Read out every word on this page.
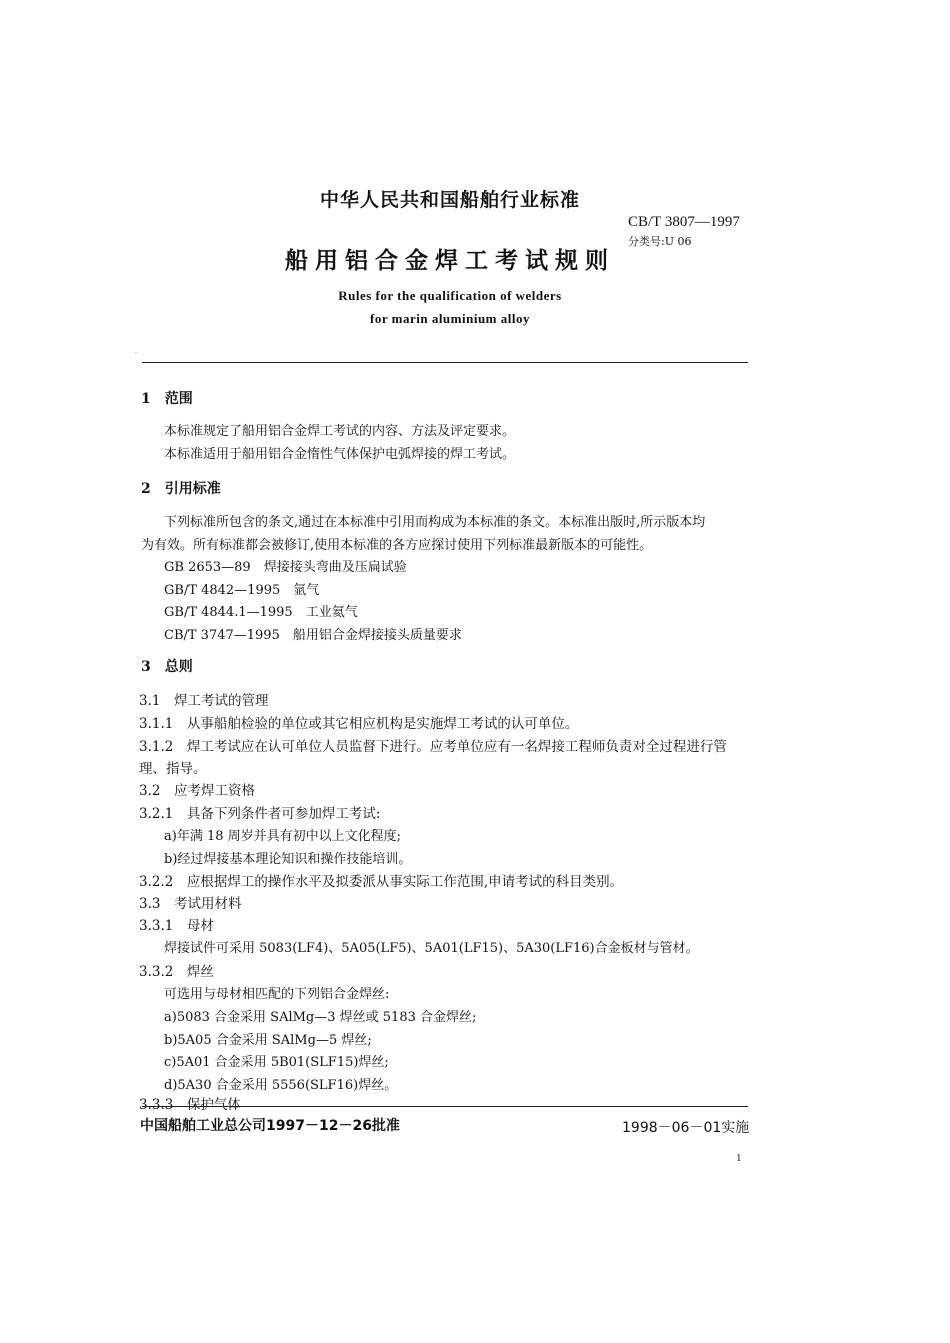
·
中华人民共和国船舶行业标准
CB/T 3807—1997
分类号:U 06
船用铝合金焊工考试规则
Rules for the qualification of welders
for marin aluminium alloy
1　范围
本标准规定了船用铝合金焊工考试的内容、方法及评定要求。
本标准适用于船用铝合金惰性气体保护电弧焊接的焊工考试。
2　引用标准
下列标准所包含的条文,通过在本标准中引用而构成为本标准的条文。本标准出版时,所示版本均
为有效。所有标准都会被修订,使用本标准的各方应探讨使用下列标准最新版本的可能性。
GB 2653—89　焊接接头弯曲及压扁试验
GB/T 4842—1995　氩气
GB/T 4844.1—1995　工业氦气
CB/T 3747—1995　船用铝合金焊接接头质量要求
3　总则
3.1　焊工考试的管理
3.1.1　从事船舶检验的单位或其它相应机构是实施焊工考试的认可单位。
3.1.2　焊工考试应在认可单位人员监督下进行。应考单位应有一名焊接工程师负责对全过程进行管
理、指导。
3.2　应考焊工资格
3.2.1　具备下列条件者可参加焊工考试:
a)年满 18 周岁并具有初中以上文化程度;
b)经过焊接基本理论知识和操作技能培训。
3.2.2　应根据焊工的操作水平及拟委派从事实际工作范围,申请考试的科目类别。
3.3　考试用材料
3.3.1　母材
焊接试件可采用 5083(LF4)、5A05(LF5)、5A01(LF15)、5A30(LF16)合金板材与管材。
3.3.2　焊丝
可选用与母材相匹配的下列铝合金焊丝:
a)5083 合金采用 SAlMg—3 焊丝或 5183 合金焊丝;
b)5A05 合金采用 SAlMg—5 焊丝;
c)5A01 合金采用 5B01(SLF15)焊丝;
d)5A30 合金采用 5556(SLF16)焊丝。
3.3.3　保护气体
中国船舶工业总公司1997－12－26批准	1998－06－01实施
1
